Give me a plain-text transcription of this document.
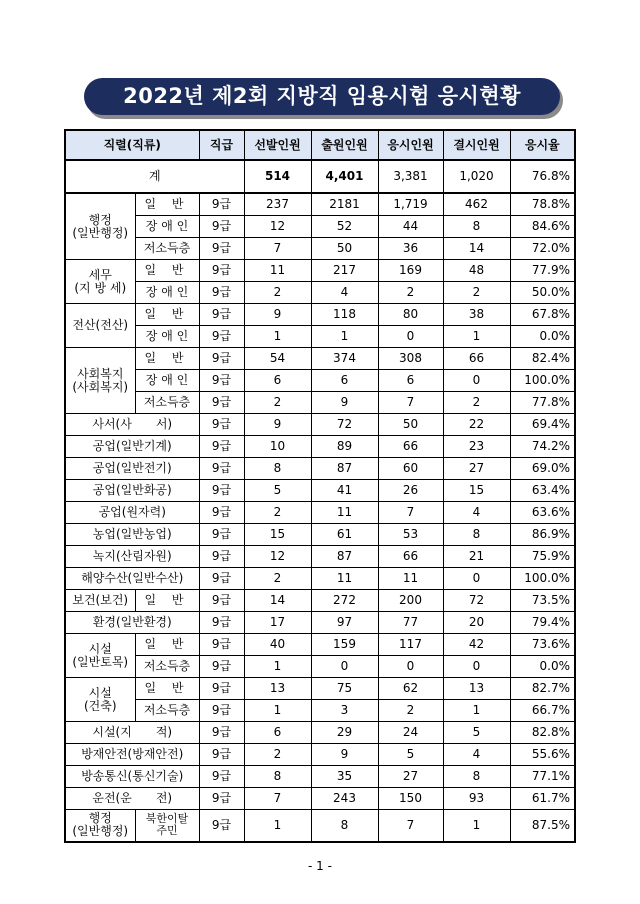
2022년 제2회 지방직 임용시험 응시현황
직렬(직류)		직급	선발인원	출원인원	응시인원	결시인원	응시율
계			514	4,401	3,381	1,020	76.8%
행정
(일반행정)	일 반	9급	237	2181	1,719	462	78.8%
	장 애 인	9급	12	52	44	8	84.6%
	저소득층	9급	7	50	36	14	72.0%
세무
(지 방 세)	일 반	9급	11	217	169	48	77.9%
	장 애 인	9급	2	4	2	2	50.0%
전산(전산)	일 반	9급	9	118	80	38	67.8%
	장 애 인	9급	1	1	0	1	0.0%
사회복지
(사회복지)	일 반	9급	54	374	308	66	82.4%
	장 애 인	9급	6	6	6	0	100.0%
	저소득층	9급	2	9	7	2	77.8%
사서(사　　서)		9급	9	72	50	22	69.4%
공업(일반기계)		9급	10	89	66	23	74.2%
공업(일반전기)		9급	8	87	60	27	69.0%
공업(일반화공)		9급	5	41	26	15	63.4%
공업(원자력)		9급	2	11	7	4	63.6%
농업(일반농업)		9급	15	61	53	8	86.9%
녹지(산림자원)		9급	12	87	66	21	75.9%
해양수산(일반수산)		9급	2	11	11	0	100.0%
보건(보건)	일 반	9급	14	272	200	72	73.5%
환경(일반환경)		9급	17	97	77	20	79.4%
시설
(일반토목)	일 반	9급	40	159	117	42	73.6%
	저소득층	9급	1	0	0	0	0.0%
시설
(건축)	일 반	9급	13	75	62	13	82.7%
	저소득층	9급	1	3	2	1	66.7%
시설(지　　적)		9급	6	29	24	5	82.8%
방재안전(방재안전)		9급	2	9	5	4	55.6%
방송통신(통신기술)		9급	8	35	27	8	77.1%
운전(운　　전)		9급	7	243	150	93	61.7%
행정
(일반행정)	북한이탈
주민	9급	1	8	7	1	87.5%
- 1 -
